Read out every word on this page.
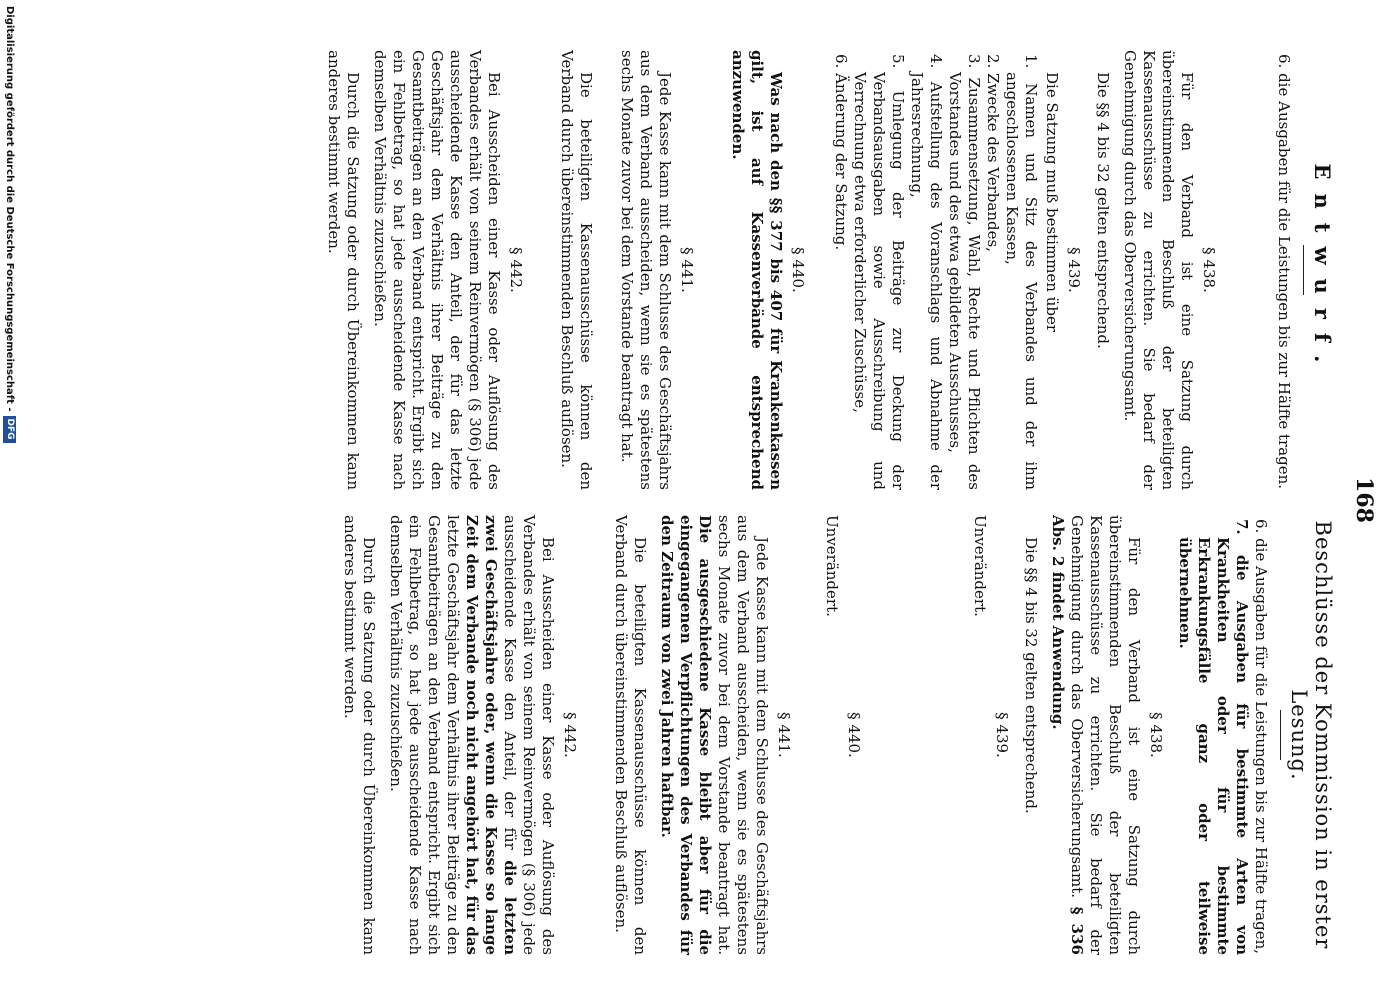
168
Entwurf.

6. die Ausgaben für die Leistungen bis zur Hälfte tragen.

§ 438.

Für den Verband ist eine Satzung durch übereinstimmenden Beschluß der beteiligten Kassenausschüsse zu errichten. Sie bedarf der Genehmigung durch das Oberversicherungsamt.

Die §§ 4 bis 32 gelten entsprechend.

§ 439.

Die Satzung muß bestimmen über

1. Namen und Sitz des Verbandes und der ihm angeschlossenen Kassen,

2. Zwecke des Verbandes,

3. Zusammensetzung, Wahl, Rechte und Pflichten des Vorstandes und des etwa gebildeten Ausschusses,

4. Aufstellung des Voranschlags und Abnahme der Jahresrechnung,

5. Umlegung der Beiträge zur Deckung der Verbandsausgaben sowie Ausschreibung und Verrechnung etwa erforderlicher Zuschüsse,

6. Änderung der Satzung.

§ 440.

Was nach den §§ 377 bis 407 für Krankenkassen gilt, ist auf Kassenverbände entsprechend anzuwenden.

§ 441.

Jede Kasse kann mit dem Schlusse des Geschäftsjahrs aus dem Verband ausscheiden, wenn sie es spätestens sechs Monate zuvor bei dem Vorstande beantragt hat.

Die beteiligten Kassenausschüsse können den Verband durch übereinstimmenden Beschluß auflösen.

§ 442.

Bei Ausscheiden einer Kasse oder Auflösung des Verbandes erhält von seinem Reinvermögen (§ 306) jede ausscheidende Kasse den Anteil, der für das letzte Geschäftsjahr dem Verhältnis ihrer Beiträge zu den Gesamtbeiträgen an den Verband entspricht. Ergibt sich ein Fehlbetrag, so hat jede ausscheidende Kasse nach demselben Verhältnis zuzuschießen.

Durch die Satzung oder durch Übereinkommen kann anderes bestimmt werden.

Beschlüsse der Kommission in erster Lesung.

6. die Ausgaben für die Leistungen bis zur Hälfte tragen,

7. die Ausgaben für bestimmte Arten von Krankheiten oder für bestimmte Erkrankungsfälle ganz oder teilweise übernehmen.

§ 438.

Für den Verband ist eine Satzung durch übereinstimmenden Beschluß der beteiligten Kassenausschüsse zu errichten. Sie bedarf der Genehmigung durch das Oberversicherungsamt. § 336 Abs. 2 findet Anwendung.

Die §§ 4 bis 32 gelten entsprechend.

§ 439.

Unverändert.

§ 440.

Unverändert.

§ 441.

Jede Kasse kann mit dem Schlusse des Geschäftsjahrs aus dem Verband ausscheiden, wenn sie es spätestens sechs Monate zuvor bei dem Vorstande beantragt hat. Die ausgeschiedene Kasse bleibt aber für die eingegangenen Verpflichtungen des Verbandes für den Zeitraum von zwei Jahren haftbar.

Die beteiligten Kassenausschüsse können den Verband durch übereinstimmenden Beschluß auflösen.

§ 442.

Bei Ausscheiden einer Kasse oder Auflösung des Verbandes erhält von seinem Reinvermögen (§ 306) jede ausscheidende Kasse den Anteil, der für die letzten zwei Geschäftsjahre oder, wenn die Kasse so lange Zeit dem Verbande noch nicht angehört hat, für das letzte Geschäftsjahr dem Verhältnis ihrer Beiträge zu den Gesamtbeiträgen an den Verband entspricht. Ergibt sich ein Fehlbetrag, so hat jede ausscheidende Kasse nach demselben Verhältnis zuzuschießen.

Durch die Satzung oder durch Übereinkommen kann anderes bestimmt werden.

Digitalisierung gefördert durch die Deutsche Forschungsgemeinschaft -
DFG
